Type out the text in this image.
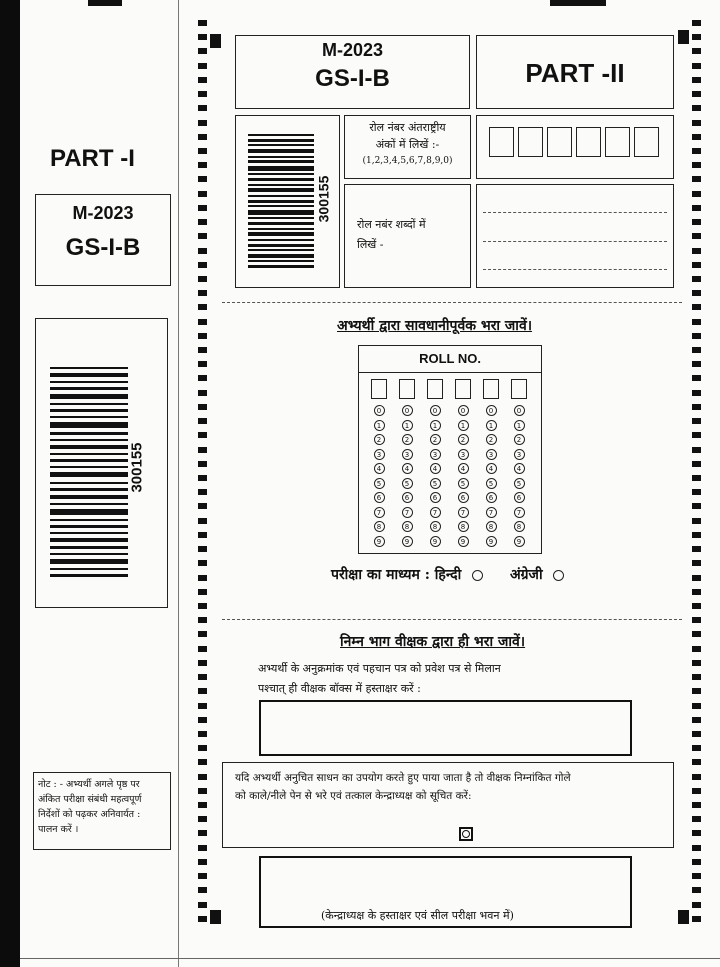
PART -I
M-2023
GS-I-B
300155
नोट : - अभ्यर्थी अगले पृष्ठ पर
अंकित परीक्षा संबंधी महत्वपूर्ण
निर्देशों को पढ़कर अनिवार्यत :
पालन करें ।
M-2023
GS-I-B	PART -II
300155
रोल नंबर अंतराष्ट्रीय
अंकों में लिखें :-
(1,2,3,4,5,6,7,8,9,0)
रोल नबंर शब्दों में
लिखें -
अभ्यर्थी द्वारा सावधानीपूर्वक भरा जावें।
ROLL NO.
0
1
2
3
4
5
6
7
8
9
0
1
2
3
4
5
6
7
8
9
0
1
2
3
4
5
6
7
8
9
0
1
2
3
4
5
6
7
8
9
0
1
2
3
4
5
6
7
8
9
0
1
2
3
4
5
6
7
8
9
परीक्षा का माध्यम : हिन्दी	अंग्रेजी
निम्न भाग वीक्षक द्वारा ही भरा जावें।
अभ्यर्थी के अनुक्रमांक एवं पहचान पत्र को प्रवेश पत्र से मिलान
पश्चात् ही वीक्षक बॉक्स में हस्ताक्षर करें :
यदि अभ्यर्थी अनुचित साधन का उपयोग करते हुए पाया जाता है तो वीक्षक निम्नांकित गोले
को काले/नीले पेन से भरे एवं तत्काल केन्द्राध्यक्ष को सूचित करें:
(केन्द्राध्यक्ष के हस्ताक्षर एवं सील परीक्षा भवन में)
